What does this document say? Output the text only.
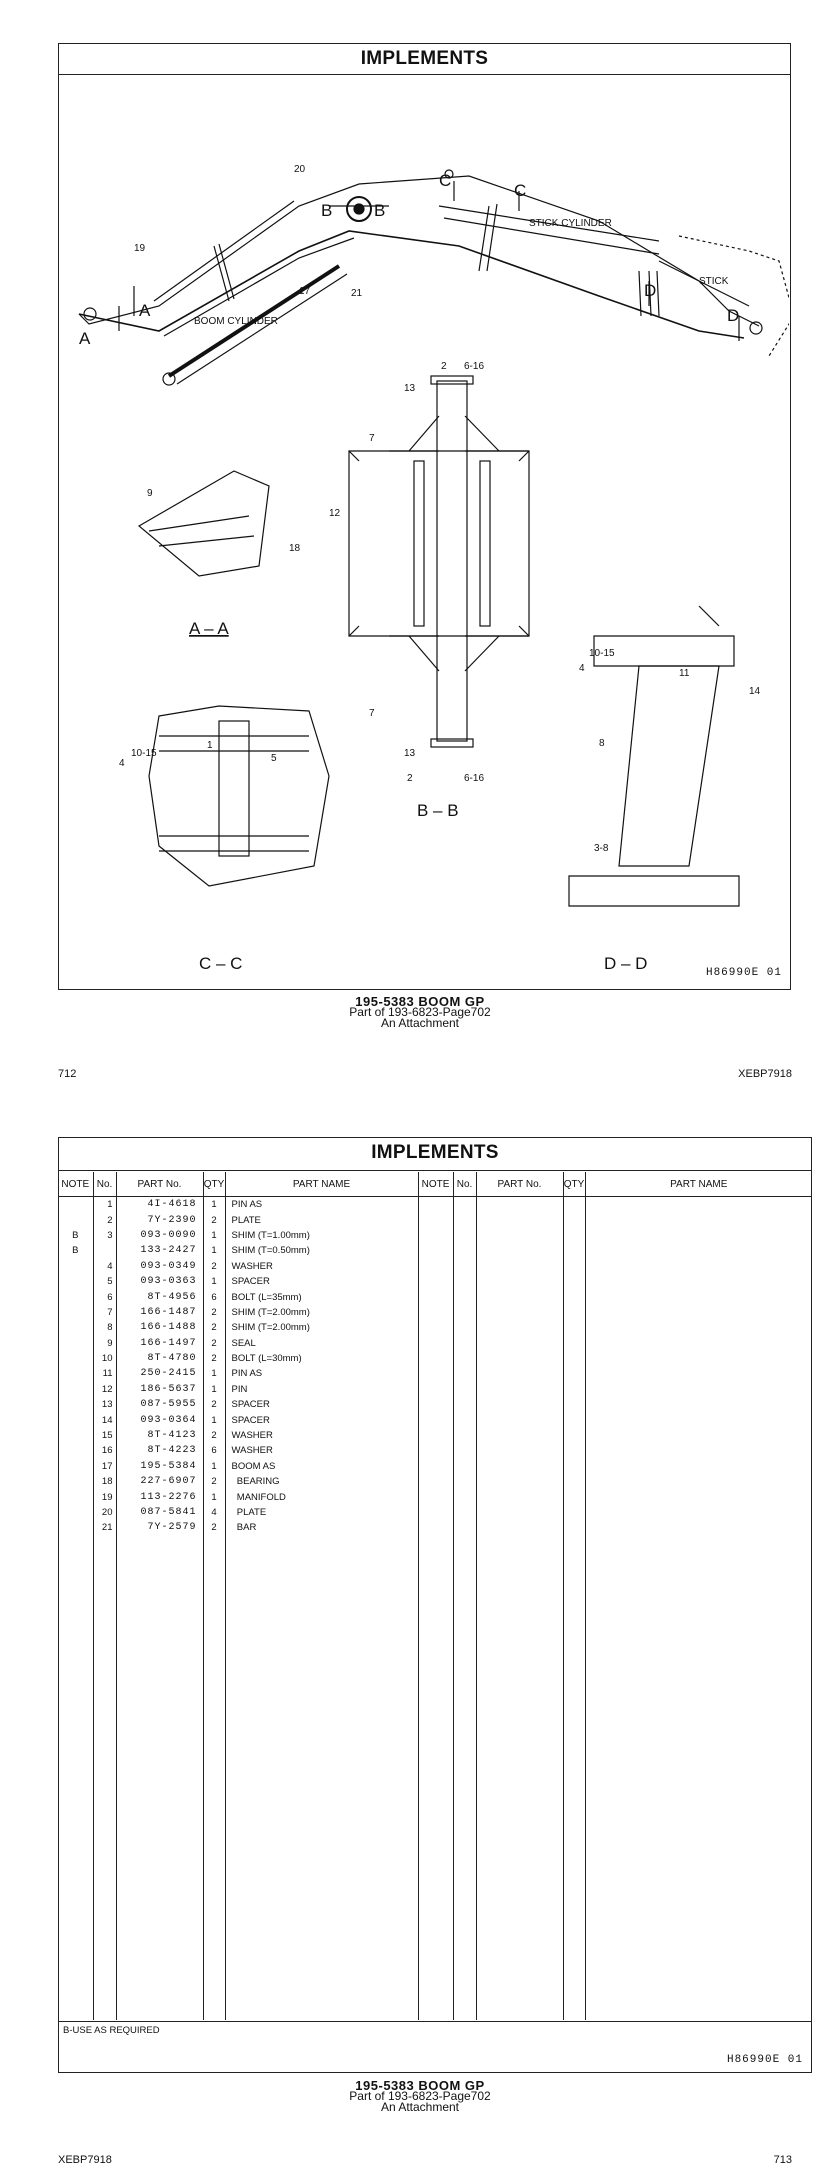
IMPLEMENTS
20
19
17	21
BOOM CYLINDER
STICK CYLINDER
STICK
A
A
B B
C
C
D
D
2 6-16
13
7
12
7
13
2	6-16
9
18
10-15
4
1
5
10-15
4	11
14
8
3-8
A – A
B – B
C – C	D – D	H86990E 01
195-5383 BOOM GP
Part of 193-6823-Page702
An Attachment
712	XEBP7918
IMPLEMENTS
B-USE AS REQUIRED
H86990E 01
NOTE	No.	PART No.	QTY	PART NAME	NOTE	No.	PART No.	QTY	PART NAME
	1	4I-4618	1	PIN AS					
	2	7Y-2390	2	PLATE					
B	3	093-0090	1	SHIM (T=1.00mm)					
B		133-2427	1	SHIM (T=0.50mm)					
	4	093-0349	2	WASHER					
	5	093-0363	1	SPACER					
	6	8T-4956	6	BOLT (L=35mm)					
	7	166-1487	2	SHIM (T=2.00mm)					
	8	166-1488	2	SHIM (T=2.00mm)					
	9	166-1497	2	SEAL					
	10	8T-4780	2	BOLT (L=30mm)					
	11	250-2415	1	PIN AS					
	12	186-5637	1	PIN					
	13	087-5955	2	SPACER					
	14	093-0364	1	SPACER					
	15	8T-4123	2	WASHER					
	16	8T-4223	6	WASHER					
	17	195-5384	1	BOOM AS					
	18	227-6907	2	BEARING					
	19	113-2276	1	MANIFOLD					
	20	087-5841	4	PLATE					
	21	7Y-2579	2	BAR					

195-5383 BOOM GP
Part of 193-6823-Page702
An Attachment
XEBP7918	713
